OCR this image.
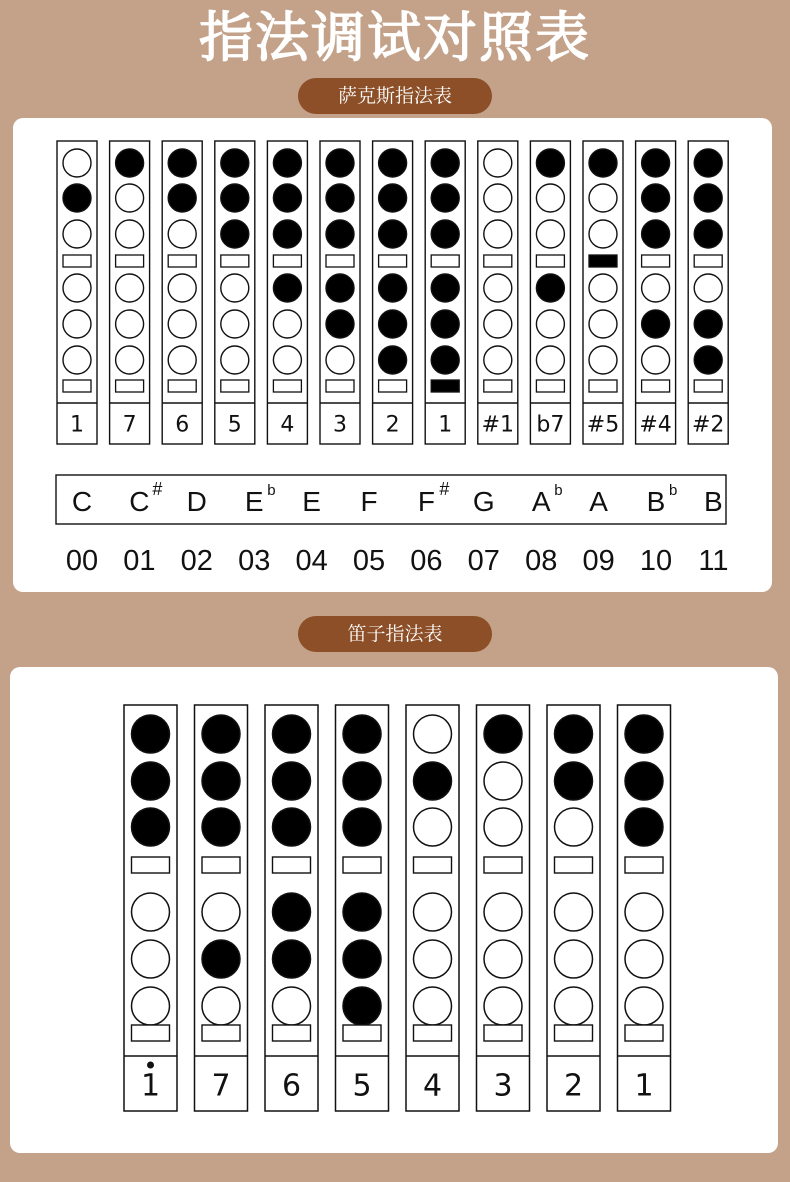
指法调试对照表
萨克斯指法表
1 7 6 5 4 3 2 1 #1 b7 #5 #4 #2
C C # D E b E F F # G A b A B b B
00 01 02 03 04 05 06 07 08 09 10 11
笛子指法表
1 7 6 5 4 3 2 1
